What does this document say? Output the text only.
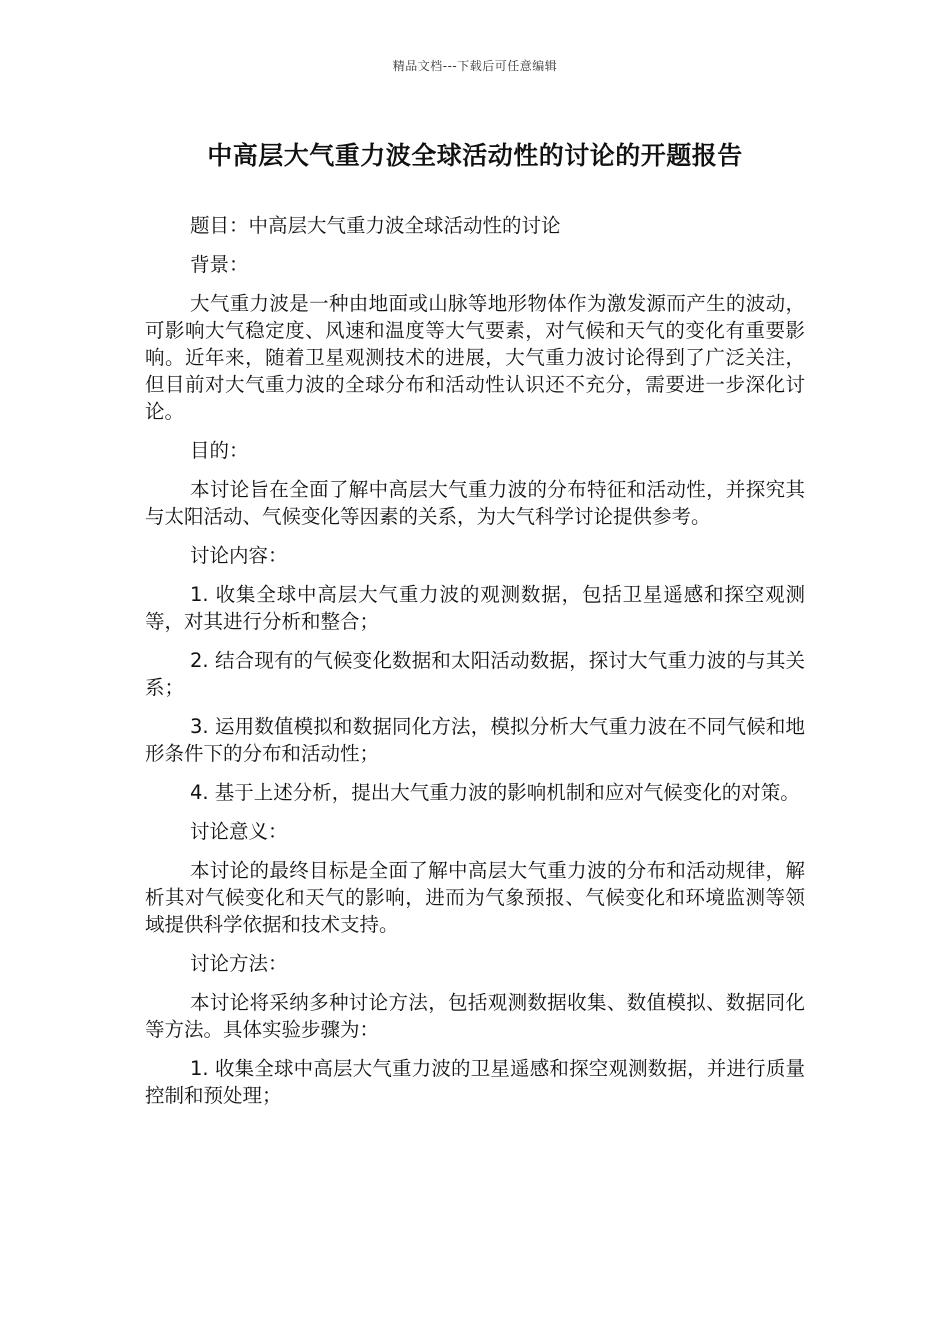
精品文档---下载后可任意编辑
中高层大气重力波全球活动性的讨论的开题报告

题目：中高层大气重力波全球活动性的讨论

背景：

大气重力波是一种由地面或山脉等地形物体作为激发源而产生的波动，可影响大气稳定度、风速和温度等大气要素，对气候和天气的变化有重要影响。近年来，随着卫星观测技术的进展，大气重力波讨论得到了广泛关注，但目前对大气重力波的全球分布和活动性认识还不充分，需要进一步深化讨论。

目的：

本讨论旨在全面了解中高层大气重力波的分布特征和活动性，并探究其与太阳活动、气候变化等因素的关系，为大气科学讨论提供参考。

讨论内容：

1. 收集全球中高层大气重力波的观测数据，包括卫星遥感和探空观测等，对其进行分析和整合；

2. 结合现有的气候变化数据和太阳活动数据，探讨大气重力波的与其关系；

3. 运用数值模拟和数据同化方法，模拟分析大气重力波在不同气候和地形条件下的分布和活动性；

4. 基于上述分析，提出大气重力波的影响机制和应对气候变化的对策。

讨论意义：

本讨论的最终目标是全面了解中高层大气重力波的分布和活动规律，解析其对气候变化和天气的影响，进而为气象预报、气候变化和环境监测等领域提供科学依据和技术支持。

讨论方法：

本讨论将采纳多种讨论方法，包括观测数据收集、数值模拟、数据同化等方法。具体实验步骤为：

1. 收集全球中高层大气重力波的卫星遥感和探空观测数据，并进行质量控制和预处理；
